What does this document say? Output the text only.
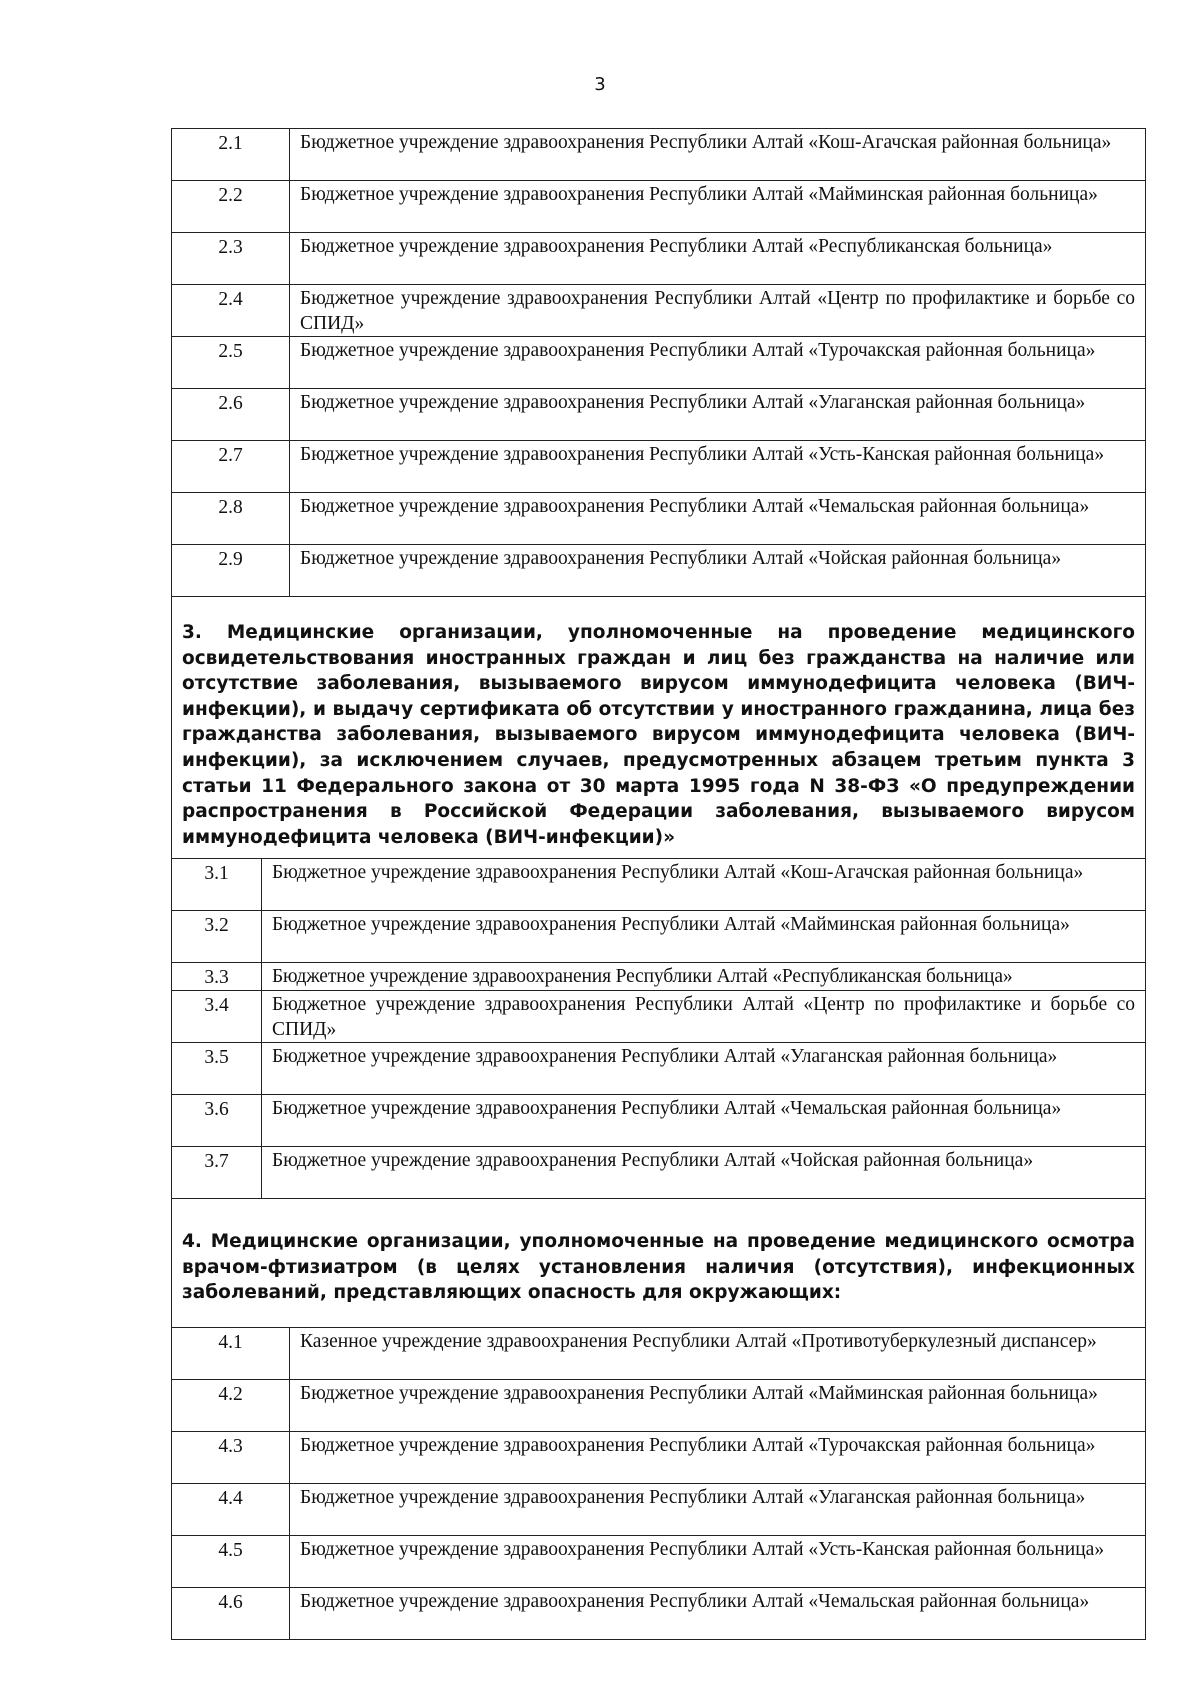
3
2.1	Бюджетное учреждение здравоохранения Республики Алтай «Кош-Агачская районная больница»
2.2	Бюджетное учреждение здравоохранения Республики Алтай «Майминская районная больница»
2.3	Бюджетное учреждение здравоохранения Республики Алтай «Республиканская больница»
2.4	Бюджетное учреждение здравоохранения Республики Алтай «Центр по профилактике и борьбе со СПИД»
2.5	Бюджетное учреждение здравоохранения Республики Алтай «Турочакская районная больница»
2.6	Бюджетное учреждение здравоохранения Республики Алтай «Улаганская районная больница»
2.7	Бюджетное учреждение здравоохранения Республики Алтай «Усть-Канская районная больница»
2.8	Бюджетное учреждение здравоохранения Республики Алтай «Чемальская районная больница»
2.9	Бюджетное учреждение здравоохранения Республики Алтай «Чойская районная больница»
3. Медицинские организации, уполномоченные на проведение медицинского освидетельствования иностранных граждан и лиц без гражданства на наличие или отсутствие заболевания, вызываемого вирусом иммунодефицита человека (ВИЧ-инфекции), и выдачу сертификата об отсутствии у иностранного гражданина, лица без гражданства заболевания, вызываемого вирусом иммунодефицита человека (ВИЧ-инфекции), за исключением случаев, предусмотренных абзацем третьим пункта 3 статьи 11 Федерального закона от 30 марта 1995 года N 38-ФЗ «О предупреждении распространения в Российской Федерации заболевания, вызываемого вирусом иммунодефицита человека (ВИЧ-инфекции)»
3.1	Бюджетное учреждение здравоохранения Республики Алтай «Кош-Агачская районная больница»
3.2	Бюджетное учреждение здравоохранения Республики Алтай «Майминская районная больница»
3.3	Бюджетное учреждение здравоохранения Республики Алтай «Республиканская больница»
3.4	Бюджетное учреждение здравоохранения Республики Алтай «Центр по профилактике и борьбе со СПИД»
3.5	Бюджетное учреждение здравоохранения Республики Алтай «Улаганская районная больница»
3.6	Бюджетное учреждение здравоохранения Республики Алтай «Чемальская районная больница»
3.7	Бюджетное учреждение здравоохранения Республики Алтай «Чойская районная больница»
4. Медицинские организации, уполномоченные на проведение медицинского осмотра врачом-фтизиатром (в целях установления наличия (отсутствия), инфекционных заболеваний, представляющих опасность для окружающих:
4.1	Казенное учреждение здравоохранения Республики Алтай «Противотуберкулезный диспансер»
4.2	Бюджетное учреждение здравоохранения Республики Алтай «Майминская районная больница»
4.3	Бюджетное учреждение здравоохранения Республики Алтай «Турочакская районная больница»
4.4	Бюджетное учреждение здравоохранения Республики Алтай «Улаганская районная больница»
4.5	Бюджетное учреждение здравоохранения Республики Алтай «Усть-Канская районная больница»
4.6	Бюджетное учреждение здравоохранения Республики Алтай «Чемальская районная больница»
